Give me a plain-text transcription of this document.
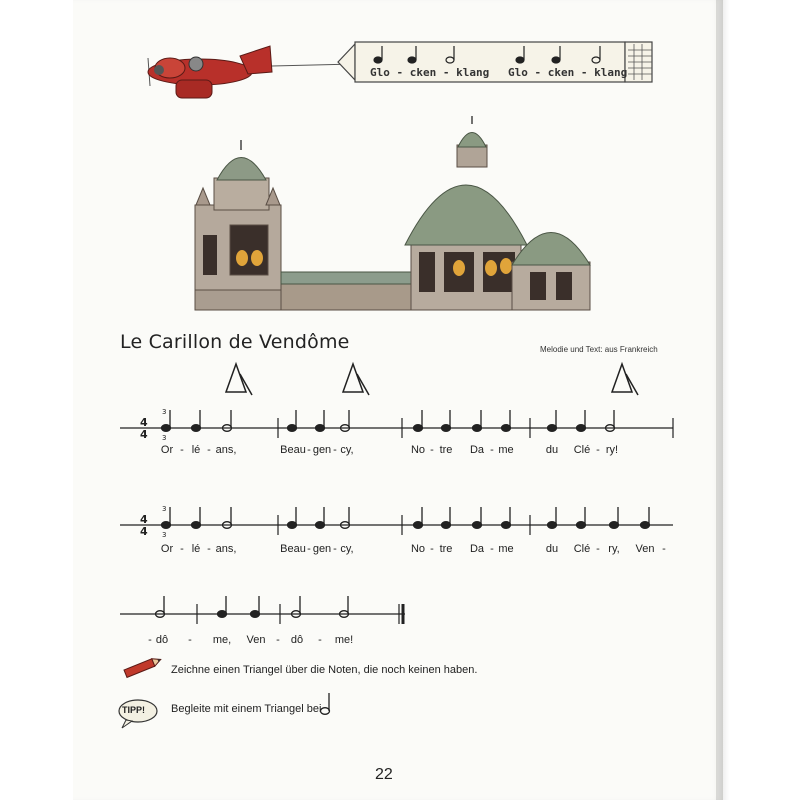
4
4
3
3
4
4
3
3
Glo - cken - klang Glo - cken - klang
Le Carillon de Vendôme	Melodie und Text: aus Frankreich
Or - lé - ans,	Beau - gen - cy,	No - tre Da - me	du Clé - ry!
Or - lé - ans,	Beau - gen - cy,	No - tre Da - me	du Clé - ry, Ven -
- dô - me, Ven - dô - me!
Zeichne einen Triangel über die Noten, die noch keinen haben.
TIPP! Begleite mit einem Triangel bei
22
